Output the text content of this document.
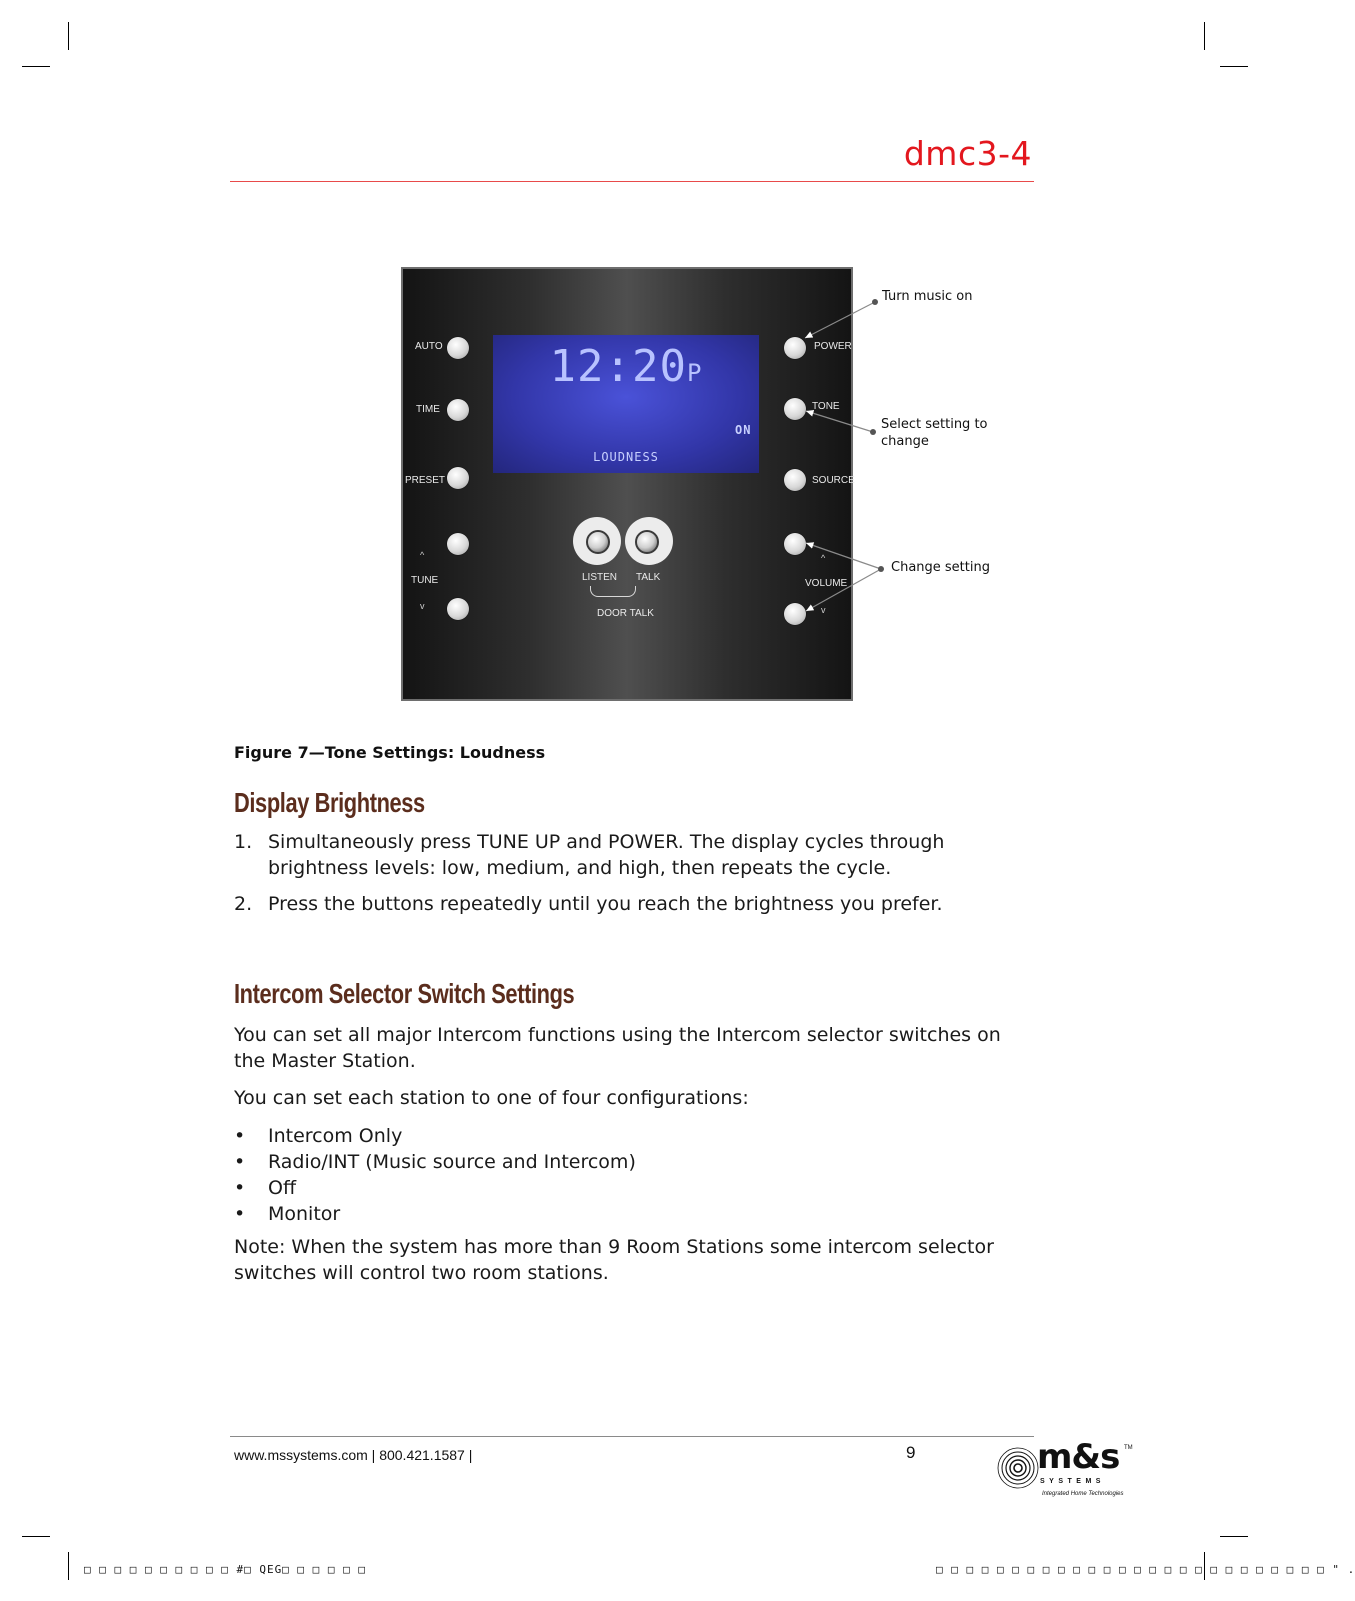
dmc3-4
12:20P
ON
LOUDNESS
AUTO
TIME
PRESET
^
TUNE
v
POWER
TONE
SOURCE
^
VOLUME
v
LISTEN TALK
DOOR TALK
Turn music on
Select setting to
change
Change setting
Figure 7—Tone Settings: Loudness
Display Brightness
1. Simultaneously press TUNE UP and POWER. The display cycles through brightness levels: low, medium, and high, then repeats the cycle.
2. Press the buttons repeatedly until you reach the brightness you prefer.
Intercom Selector Switch Settings
You can set all major Intercom functions using the Intercom selector switches on the Master Station.
You can set each station to one of four configurations:
• Intercom Only
• Radio/INT (Music source and Intercom)
• Off
• Monitor
Note: When the system has more than 9 Room Stations some intercom selector switches will control two room stations.
www.mssystems.com | 800.421.1587 |	9	m&s TM
SYSTEMS
Integrated Home Technologies
□ □ □ □ □ □ □ □ □ □ #□ QEG□ □ □ □ □ □	□ □ □ □ □ □ □ □ □ □ □ □ □ □ □ □ □ □ □ □ □ □ □ □ □ □ " .
